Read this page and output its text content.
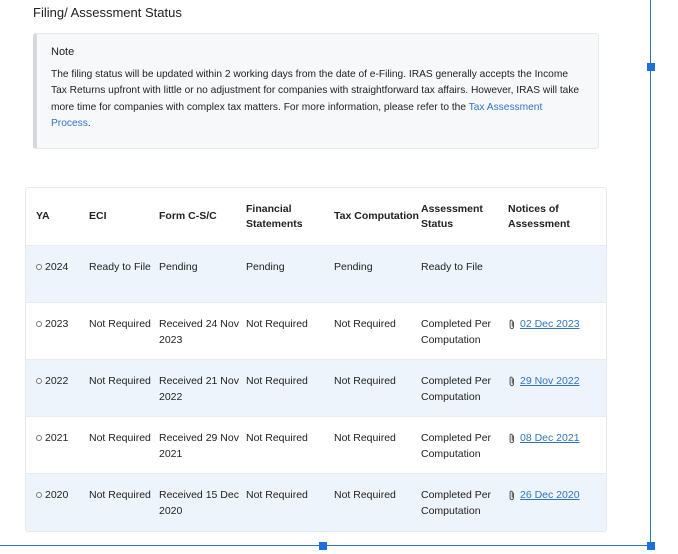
Filing/ Assessment Status
Note
The filing status will be updated within 2 working days from the date of e-Filing. IRAS generally accepts the Income Tax Returns upfront with little or no adjustment for companies with straightforward tax affairs. However, IRAS will take more time for companies with complex tax matters. For more information, please refer to the Tax Assessment Process.
YA	ECI	Form C-S/C	Financial Statements	Tax Computation	Assessment Status	Notices of Assessment

2024	Ready to File	Pending	Pending	Pending	Ready to File	

2023	Not Required	Received 24 Nov 2023	Not Required	Not Required	Completed Per Computation	02 Dec 2023

2022	Not Required	Received 21 Nov 2022	Not Required	Not Required	Completed Per Computation	29 Nov 2022

2021	Not Required	Received 29 Nov 2021	Not Required	Not Required	Completed Per Computation	08 Dec 2021

2020	Not Required	Received 15 Dec 2020	Not Required	Not Required	Completed Per Computation	26 Dec 2020
